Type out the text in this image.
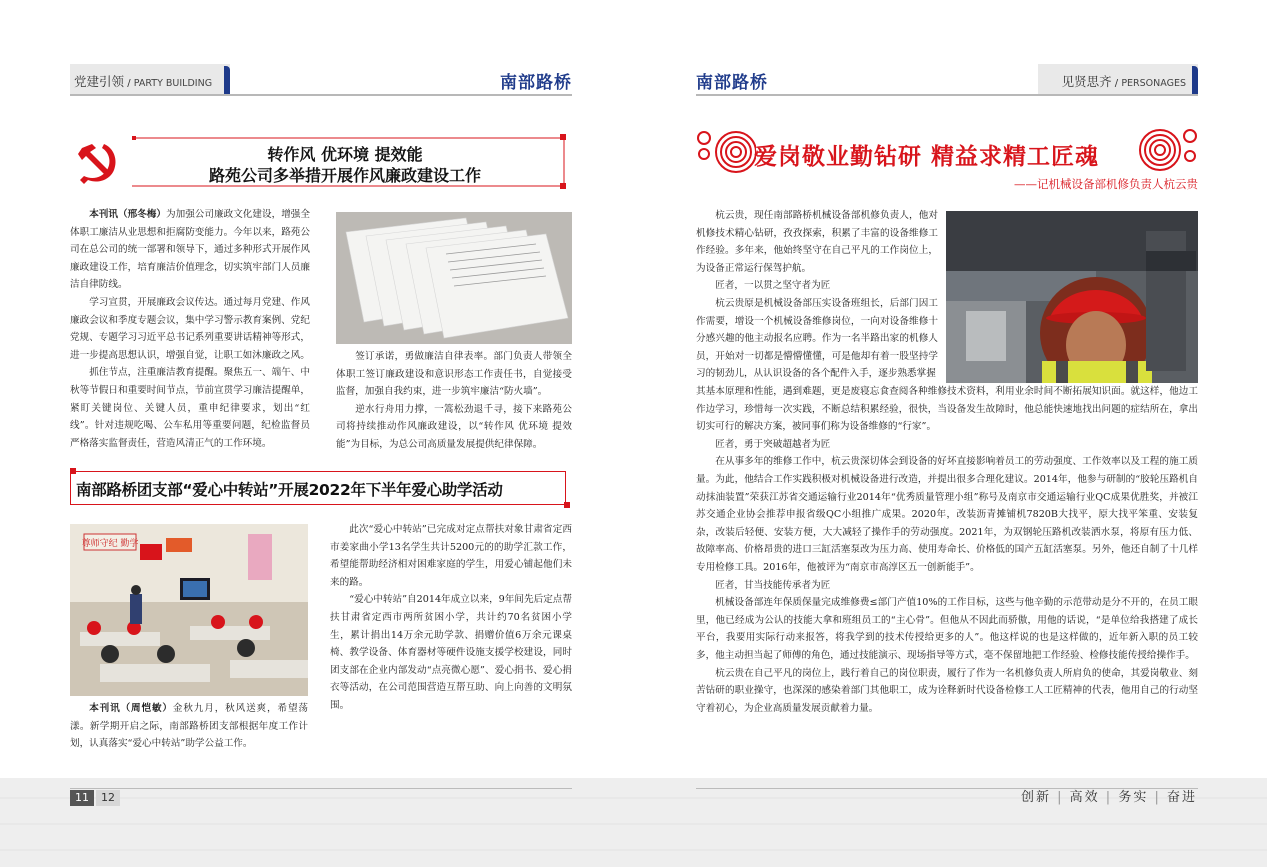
党建引领 / PARTY BUILDING	南部路桥	南部路桥	见贤思齐 / PERSONAGES
转作风 优环境 提效能
路苑公司多举措开展作风廉政建设工作

本刊讯（邢冬梅）为加强公司廉政文化建设，增强全体职工廉洁从业思想和拒腐防变能力。今年以来，路苑公司在总公司的统一部署和领导下，通过多种形式开展作风廉政建设工作，培育廉洁价值理念，切实筑牢部门人员廉洁自律防线。

学习宣贯，开展廉政会议传达。通过每月党建、作风廉政会议和季度专题会议，集中学习警示教育案例、党纪党规、专题学习习近平总书记系列重要讲话精神等形式，进一步提高思想认识，增强自觉，让职工如沐廉政之风。

抓住节点，注重廉洁教育提醒。聚焦五一、端午、中秋等节假日和重要时间节点，节前宣贯学习廉洁提醒单，紧盯关键岗位、关键人员，重申纪律要求，划出“红线”。针对违规吃喝、公车私用等重要问题，纪检监督员严格落实监督责任，营造风清正气的工作环境。

签订承诺，勇做廉洁自律表率。部门负责人带领全体职工签订廉政建设和意识形态工作责任书，自觉接受监督，加强自我约束，进一步筑牢廉洁“防火墙”。

逆水行舟用力撑，一篙松劲退千寻，接下来路苑公司将持续推动作风廉政建设，以“转作风 优环境 提效能”为目标，为总公司高质量发展提供纪律保障。

南部路桥团支部“爱心中转站”开展2022年下半年爱心助学活动
尊师守纪 勤学
本刊讯（周恺敏）金秋九月，秋风送爽，希望荡漾。新学期开启之际，南部路桥团支部根据年度工作计划，认真落实“爱心中转站”助学公益工作。

此次“爱心中转站”已完成对定点帮扶对象甘肃省定西市姜家曲小学13名学生共计5200元的的助学汇款工作，希望能帮助经济相对困难家庭的学生，用爱心铺起他们未来的路。

“爱心中转站”自2014年成立以来，9年间先后定点帮扶甘肃省定西市两所贫困小学，共计约70名贫困小学生，累计捐出14万余元助学款、捐赠价值6万余元课桌椅、教学设备、体育器材等硬件设施支援学校建设，同时团支部在企业内部发动“点亮微心愿”、爱心捐书、爱心捐衣等活动，在公司范围营造互帮互助、向上向善的文明氛围。

爱岗敬业勤钻研 精益求精工匠魂
——记机械设备部机修负责人杭云贵

杭云贵，现任南部路桥机械设备部机修负责人，他对机修技术精心钻研，孜孜探索，积累了丰富的设备维修工作经验。多年来，他始终坚守在自己平凡的工作岗位上，为设备正常运行保驾护航。

匠者，一以贯之坚守者为匠

杭云贵原是机械设备部压实设备班组长，后部门因工作需要，增设一个机械设备维修岗位，一向对设备维修十分感兴趣的他主动报名应聘。作为一名半路出家的机修人员，开始对一切都是懵懵懂懂，可是他却有着一股坚持学习的韧劲儿，从认识设备的各个配件入手，逐步熟悉掌握

其基本原理和性能，遇到难题，更是废寝忘食查阅各种维修技术资料，利用业余时间不断拓展知识面。就这样，他边工作边学习，珍惜每一次实践，不断总结积累经验，很快，当设备发生故障时，他总能快速地找出问题的症结所在，拿出切实可行的解决方案，被同事们称为设备维修的“行家”。

匠者，勇于突破超越者为匠

在从事多年的维修工作中，杭云贵深切体会到设备的好坏直接影响着员工的劳动强度、工作效率以及工程的施工质量。为此，他结合工作实践积极对机械设备进行改造，并提出很多合理化建议。2014年，他参与研制的“胶轮压路机自动抹油装置”荣获江苏省交通运输行业2014年“优秀质量管理小组”称号及南京市交通运输行业QC成果优胜奖，并被江苏交通企业协会推荐申报省级QC小组推广成果。2020年，改装沥青摊铺机7820B大找平，原大找平笨重、安装复杂，改装后轻便、安装方便，大大减轻了操作手的劳动强度。2021年，为双钢轮压路机改装洒水泵，将原有压力低、故障率高、价格昂贵的进口三缸活塞泵改为压力高、使用寿命长、价格低的国产五缸活塞泵。另外，他还自制了十几样专用检修工具。2016年，他被评为“南京市高淳区五一创新能手”。

匠者，甘当技能传承者为匠

机械设备部连年保质保量完成维修费≤部门产值10%的工作目标，这些与他辛勤的示范带动是分不开的，在员工眼里，他已经成为公认的技能大拿和班组员工的“主心骨”。但他从不因此而骄傲，用他的话说，“是单位给我搭建了成长平台，我要用实际行动来报答，将我学到的技术传授给更多的人”。他这样说的也是这样做的，近年新入职的员工较多，他主动担当起了师傅的角色，通过技能演示、现场指导等方式，毫不保留地把工作经验、检修技能传授给操作手。

杭云贵在自己平凡的岗位上，践行着自己的岗位职责，履行了作为一名机修负责人所肩负的使命，其爱岗敬业、刻苦钻研的职业操守，也深深的感染着部门其他职工，成为诠释新时代设备检修工人工匠精神的代表，他用自己的行动坚守着初心，为企业高质量发展贡献着力量。

11	12	创新 | 高效 | 务实 | 奋进
